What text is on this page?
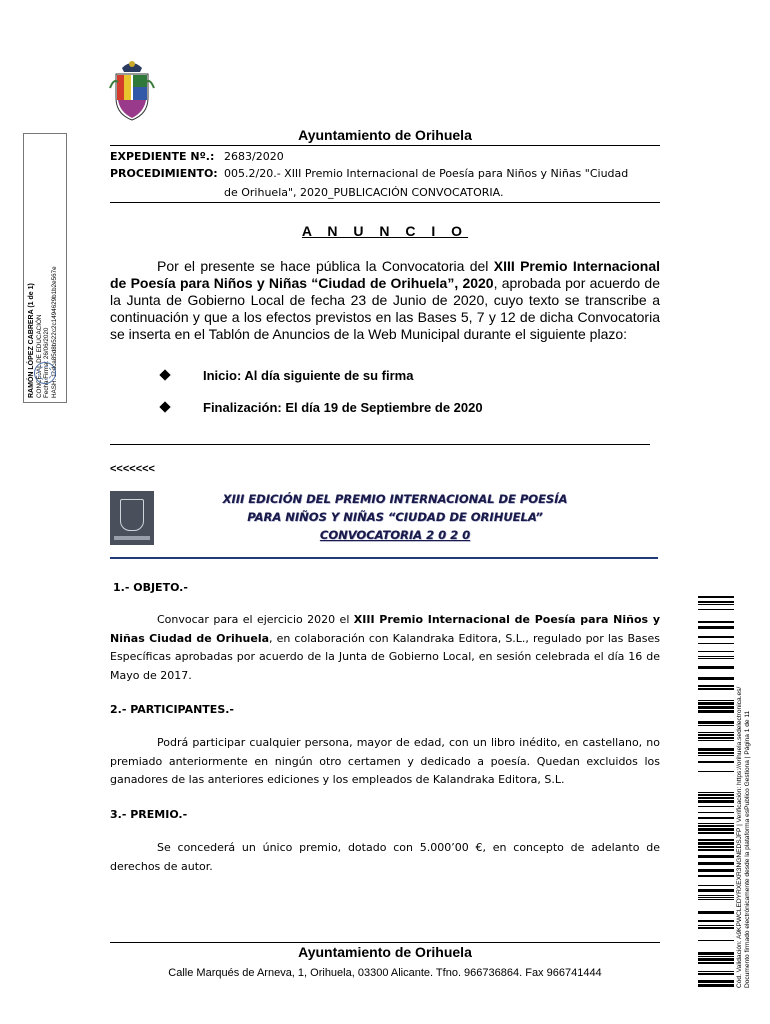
Ayuntamiento de Orihuela
EXPEDIENTE Nº.: 2683/2020
PROCEDIMIENTO: 005.2/20.- XIII Premio Internacional de Poesía para Niños y Niñas "Ciudad
de Orihuela", 2020_PUBLICACIÓN CONVOCATORIA.
RAMÓN LÓPEZ CABRERA (1 de 1) CONCEJAL DE EDUCACIÓN Fecha Firma: 26/06/2020 HASH: 1cdca85d8b522c2c1494629b1b2e567e
A N U N C I O
Por el presente se hace pública la Convocatoria del XIII Premio Internacional de Poesía para Niños y Niñas “Ciudad de Orihuela”, 2020, aprobada por acuerdo de la Junta de Gobierno Local de fecha 23 de Junio de 2020, cuyo texto se transcribe a continuación y que a los efectos previstos en las Bases 5, 7 y 12 de dicha Convocatoria se inserta en el Tablón de Anuncios de la Web Municipal durante el siguiente plazo:
Inicio: Al día siguiente de su firma
Finalización: El día 19 de Septiembre de 2020
<<<<<<<
XIII EDICIÓN DEL PREMIO INTERNACIONAL DE POESÍA
PARA NIÑOS Y NIÑAS “CIUDAD DE ORIHUELA”
CONVOCATORIA 2 0 2 0
1.- OBJETO.-
Convocar para el ejercicio 2020 el XIII Premio Internacional de Poesía para Niños y Niñas Ciudad de Orihuela, en colaboración con Kalandraka Editora, S.L., regulado por las Bases Específicas aprobadas por acuerdo de la Junta de Gobierno Local, en sesión celebrada el día 16 de Mayo de 2017.
2.- PARTICIPANTES.-
Podrá participar cualquier persona, mayor de edad, con un libro inédito, en castellano, no premiado anteriormente en ningún otro certamen y dedicado a poesía. Quedan excluidos los ganadores de las anteriores ediciones y los empleados de Kalandraka Editora, S.L.
3.- PREMIO.-
Se concederá un único premio, dotado con 5.000’00 €, en concepto de adelanto de derechos de autor.
Ayuntamiento de Orihuela
Calle Marqués de Arneva, 1, Orihuela, 03300 Alicante. Tfno. 966736864. Fax 966741444	Cód. Validación: A9KPWCLEDYRXEXR3NGNEDSJFP | Verificación: https://orihuela.sedelectronica.es/ Documento firmado electrónicamente desde la plataforma esPublico Gestiona | Página 1 de 11
